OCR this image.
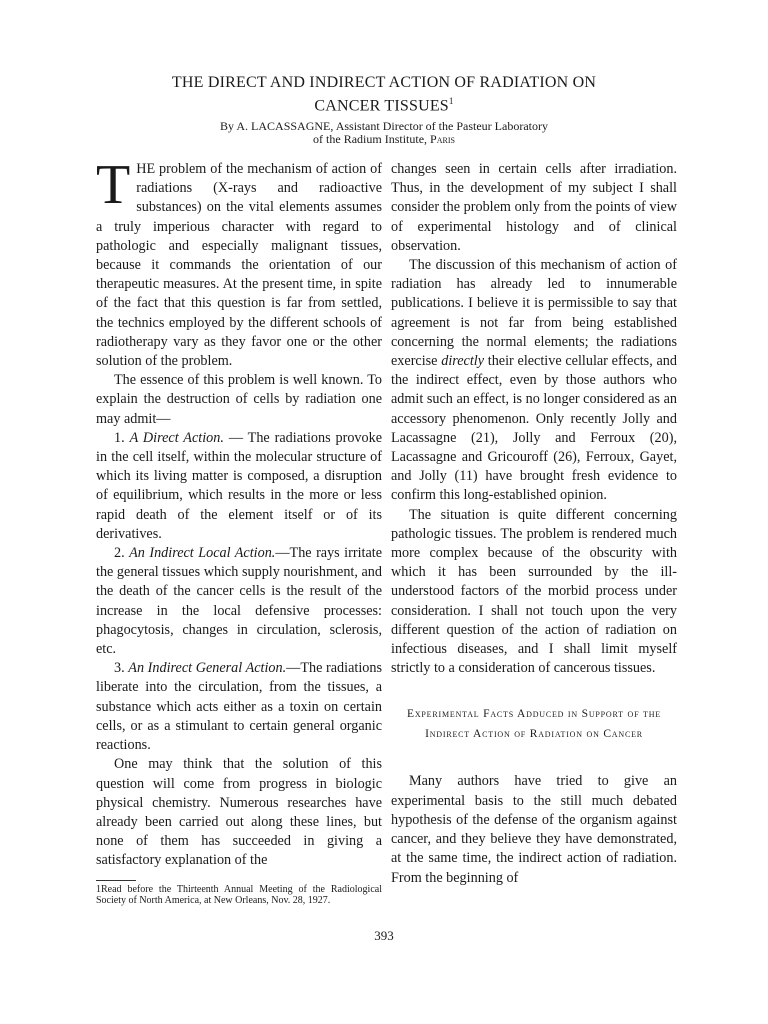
THE DIRECT AND INDIRECT ACTION OF RADIATION ON
CANCER TISSUES$^1$
By A. LACASSAGNE, Assistant Director of the Pasteur Laboratory
of the Radium Institute, Paris

THE problem of the mechanism of action of radiations (X-rays and radioactive substances) on the vital elements assumes a truly imperious character with regard to pathologic and especially malignant tissues, because it commands the orientation of our therapeutic measures. At the present time, in spite of the fact that this question is far from settled, the technics employed by the different schools of radiotherapy vary as they favor one or the other solution of the problem.

The essence of this problem is well known. To explain the destruction of cells by radiation one may admit—

1. A Direct Action. — The radiations provoke in the cell itself, within the molecular structure of which its living matter is composed, a disruption of equilibrium, which results in the more or less rapid death of the element itself or of its derivatives.

2. An Indirect Local Action.—The rays irritate the general tissues which supply nourishment, and the death of the cancer cells is the result of the increase in the local defensive processes: phagocytosis, changes in circulation, sclerosis, etc.

3. An Indirect General Action.—The radiations liberate into the circulation, from the tissues, a substance which acts either as a toxin on certain cells, or as a stimulant to certain general organic reactions.

One may think that the solution of this question will come from progress in biologic physical chemistry. Numerous researches have already been carried out along these lines, but none of them has succeeded in giving a satisfactory explanation of the

changes seen in certain cells after irradiation. Thus, in the development of my subject I shall consider the problem only from the points of view of experimental histology and of clinical observation.

The discussion of this mechanism of action of radiation has already led to innumerable publications. I believe it is permissible to say that agreement is not far from being established concerning the normal elements; the radiations exercise directly their elective cellular effects, and the indirect effect, even by those authors who admit such an effect, is no longer considered as an accessory phenomenon. Only recently Jolly and Lacassagne (21), Jolly and Ferroux (20), Lacassagne and Gricouroff (26), Ferroux, Gayet, and Jolly (11) have brought fresh evidence to confirm this long-established opinion.

The situation is quite different concerning pathologic tissues. The problem is rendered much more complex because of the obscurity with which it has been surrounded by the ill-understood factors of the morbid process under consideration. I shall not touch upon the very different question of the action of radiation on infectious diseases, and I shall limit myself strictly to a consideration of cancerous tissues.

Experimental Facts Adduced in Support of the Indirect Action of Radiation on Cancer

Many authors have tried to give an experimental basis to the still much debated hypothesis of the defense of the organism against cancer, and they believe they have demonstrated, at the same time, the indirect action of radiation. From the beginning of

1Read before the Thirteenth Annual Meeting of the Radiological Society of North America, at New Orleans, Nov. 28, 1927.
393
